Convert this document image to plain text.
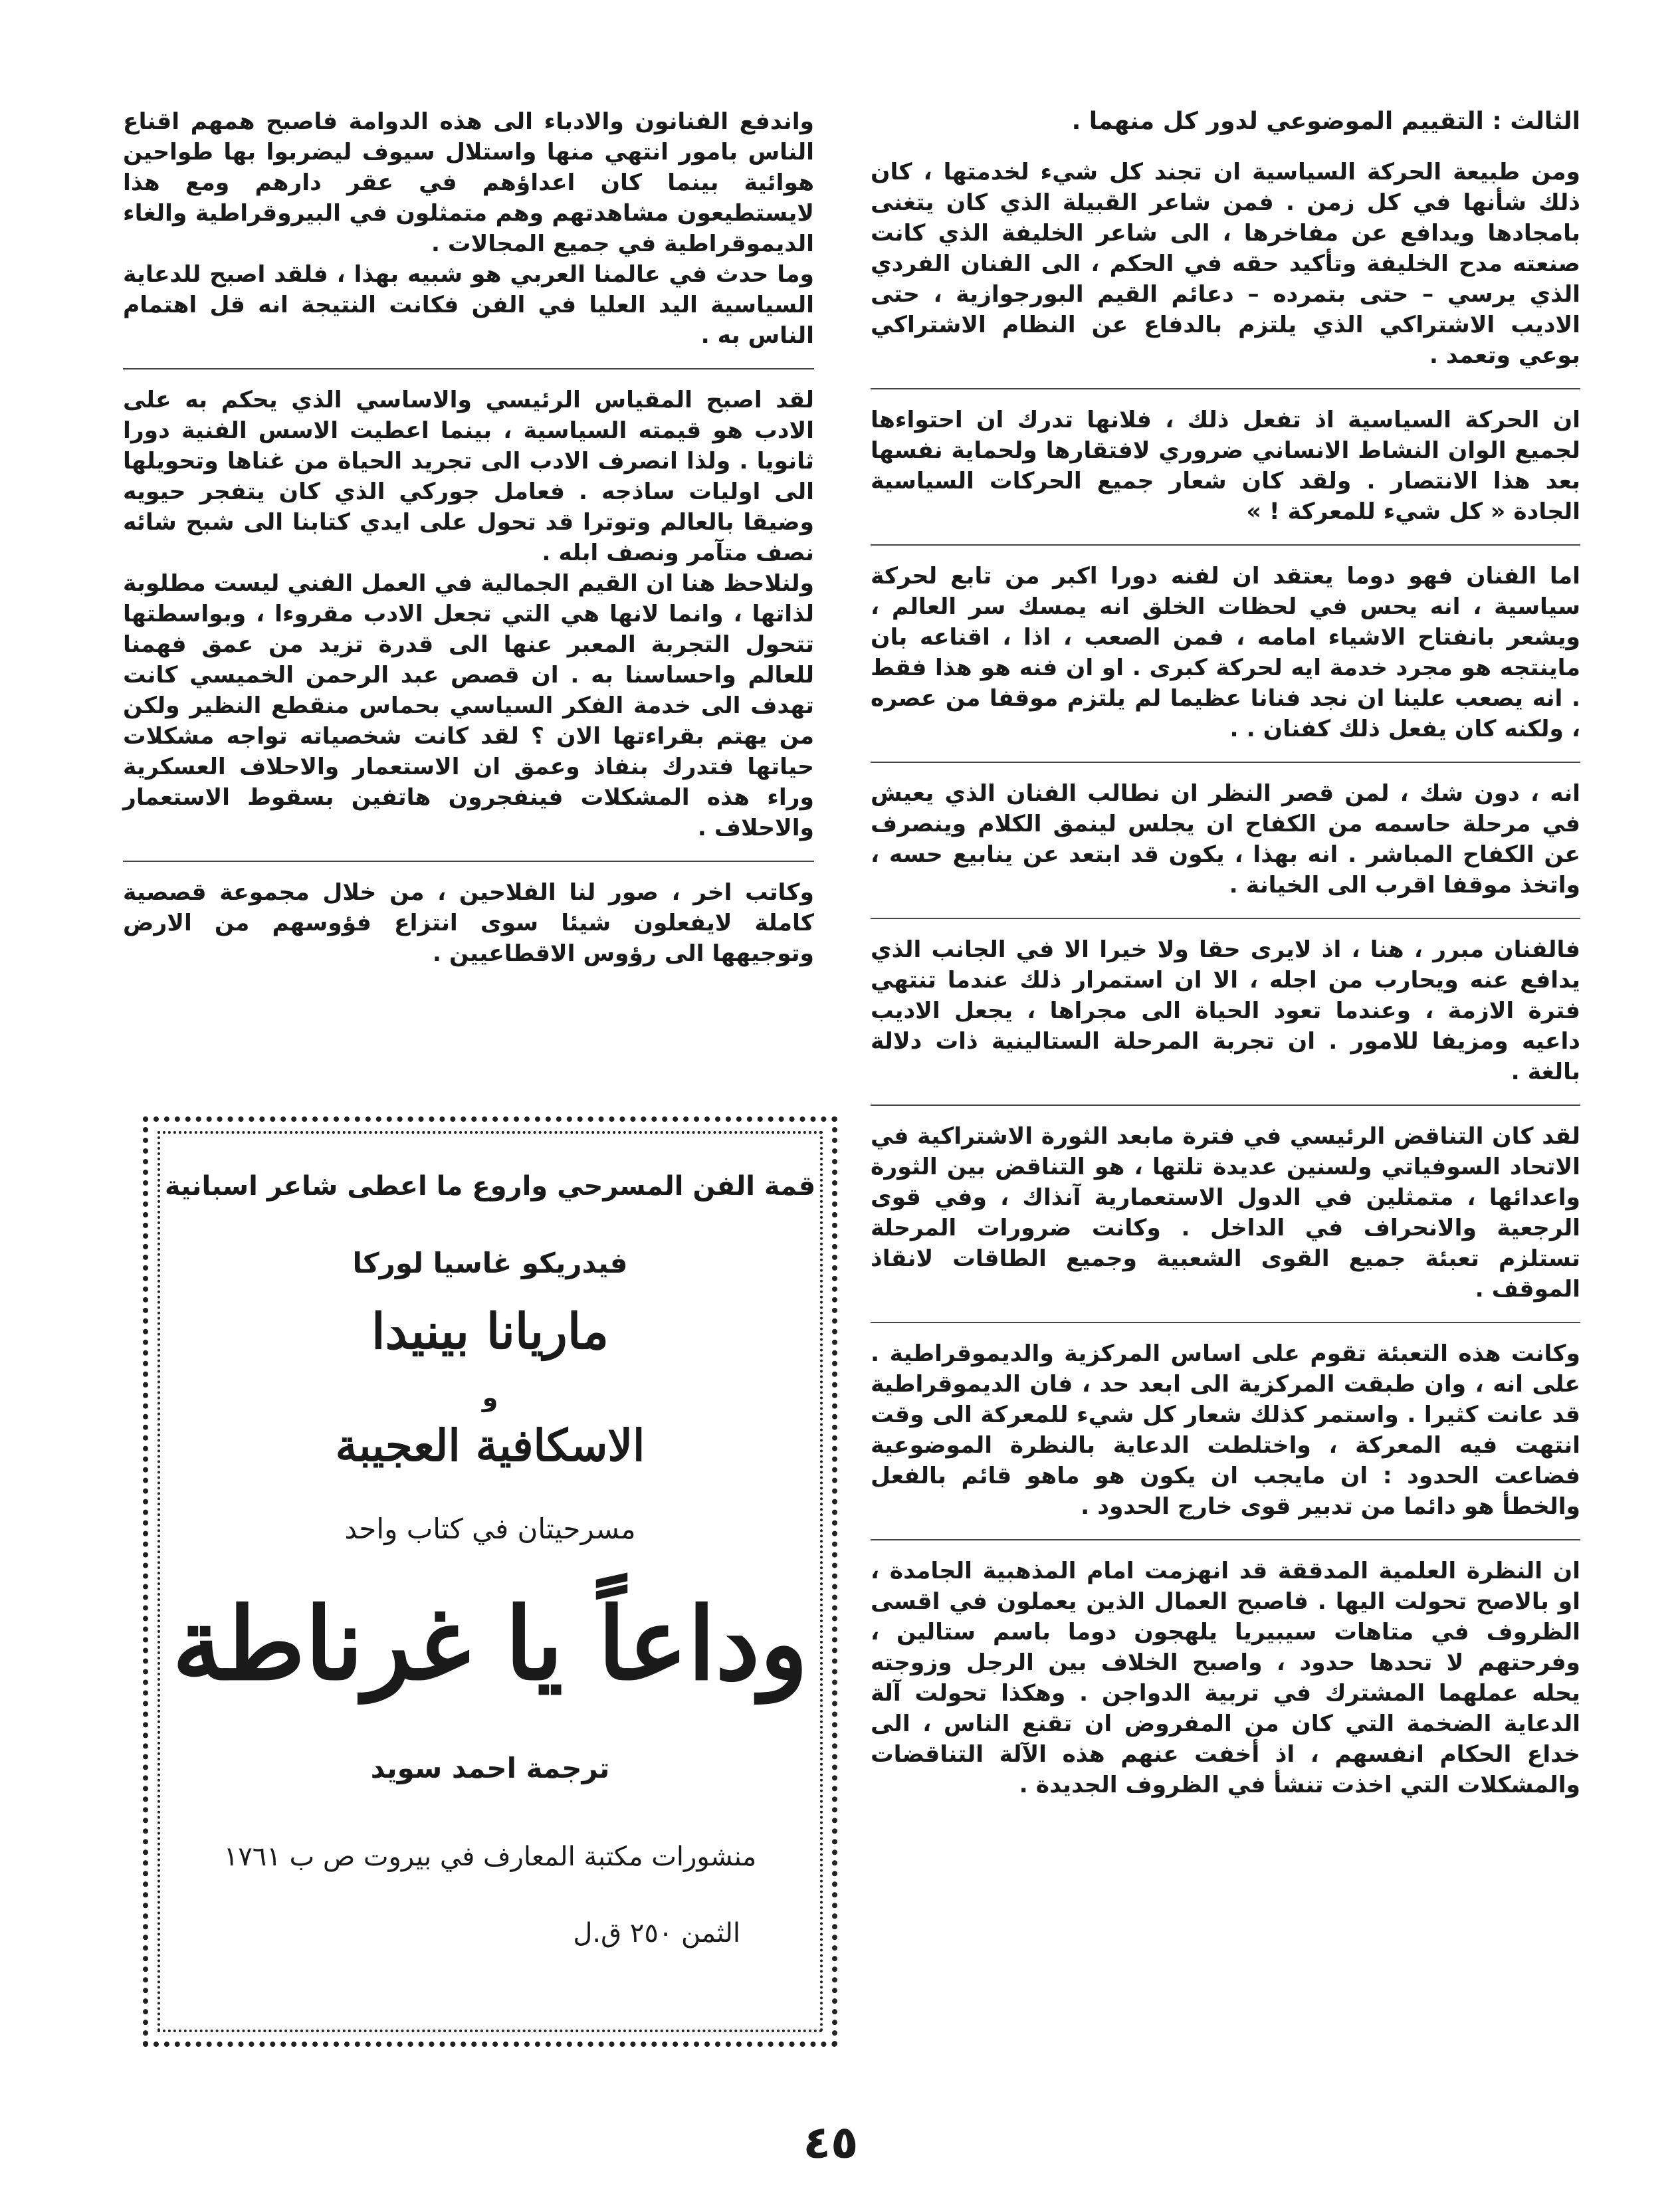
الثالث : التقييم الموضوعي لدور كل منهما .

ومن طبيعة الحركة السياسية ان تجند كل شيء لخدمتها ، كان ذلك شأنها في كل زمن . فمن شاعر القبيلة الذي كان يتغنى بامجادها ويدافع عن مفاخرها ، الى شاعر الخليفة الذي كانت صنعته مدح الخليفة وتأكيد حقه في الحكم ، الى الفنان الفردي الذي يرسي – حتى بتمرده – دعائم القيم البورجوازية ، حتى الاديب الاشتراكي الذي يلتزم بالدفاع عن النظام الاشتراكي بوعي وتعمد .

ان الحركة السياسية اذ تفعل ذلك ، فلانها تدرك ان احتواءها لجميع الوان النشاط الانساني ضروري لافتقارها ولحماية نفسها بعد هذا الانتصار . ولقد كان شعار جميع الحركات السياسية الجادة « كل شيء للمعركة ! »

اما الفنان فهو دوما يعتقد ان لفنه دورا اكبر من تابع لحركة سياسية ، انه يحس في لحظات الخلق انه يمسك سر العالم ، ويشعر بانفتاح الاشياء امامه ، فمن الصعب ، اذا ، اقناعه بان ماينتجه هو مجرد خدمة ايه لحركة كبرى . او ان فنه هو هذا فقط . انه يصعب علينا ان نجد فنانا عظيما لم يلتزم موقفا من عصره ، ولكنه كان يفعل ذلك كفنان . .

انه ، دون شك ، لمن قصر النظر ان نطالب الفنان الذي يعيش في مرحلة حاسمه من الكفاح ان يجلس لينمق الكلام وينصرف عن الكفاح المباشر . انه بهذا ، يكون قد ابتعد عن ينابيع حسه ، واتخذ موقفا اقرب الى الخيانة .

فالفنان مبرر ، هنا ، اذ لايرى حقا ولا خيرا الا في الجانب الذي يدافع عنه ويحارب من اجله ، الا ان استمرار ذلك عندما تنتهي فترة الازمة ، وعندما تعود الحياة الى مجراها ، يجعل الاديب داعيه ومزيفا للامور . ان تجربة المرحلة الستالينية ذات دلالة بالغة .

لقد كان التناقض الرئيسي في فترة مابعد الثورة الاشتراكية في الاتحاد السوفياتي ولسنين عديدة تلتها ، هو التناقض بين الثورة واعدائها ، متمثلين في الدول الاستعمارية آنذاك ، وفي قوى الرجعية والانحراف في الداخل . وكانت ضرورات المرحلة تستلزم تعبئة جميع القوى الشعبية وجميع الطاقات لانقاذ الموقف .

وكانت هذه التعبئة تقوم على اساس المركزية والديموقراطية . على انه ، وان طبقت المركزية الى ابعد حد ، فان الديموقراطية قد عانت كثيرا . واستمر كذلك شعار كل شيء للمعركة الى وقت انتهت فيه المعركة ، واختلطت الدعاية بالنظرة الموضوعية فضاعت الحدود : ان مايجب ان يكون هو ماهو قائم بالفعل والخطأ هو دائما من تدبير قوى خارج الحدود .

ان النظرة العلمية المدققة قد انهزمت امام المذهبية الجامدة ، او بالاصح تحولت اليها . فاصبح العمال الذين يعملون في اقسى الظروف في متاهات سيبيريا يلهجون دوما باسم ستالين ، وفرحتهم لا تحدها حدود ، واصبح الخلاف بين الرجل وزوجته يحله عملهما المشترك في تربية الدواجن . وهكذا تحولت آلة الدعاية الضخمة التي كان من المفروض ان تقنع الناس ، الى خداع الحكام انفسهم ، اذ أخفت عنهم هذه الآلة التناقضات والمشكلات التي اخذت تنشأ في الظروف الجديدة .

واندفع الفنانون والادباء الى هذه الدوامة فاصبح همهم اقناع الناس بامور انتهي منها واستلال سيوف ليضربوا بها طواحين هوائية بينما كان اعداؤهم في عقر دارهم ومع هذا لايستطيعون مشاهدتهم وهم متمثلون في البيروقراطية والغاء الديموقراطية في جميع المجالات .

وما حدث في عالمنا العربي هو شبيه بهذا ، فلقد اصبح للدعاية السياسية اليد العليا في الفن فكانت النتيجة انه قل اهتمام الناس به .

لقد اصبح المقياس الرئيسي والاساسي الذي يحكم به على الادب هو قيمته السياسية ، بينما اعطيت الاسس الفنية دورا ثانويا . ولذا انصرف الادب الى تجريد الحياة من غناها وتحويلها الى اوليات ساذجه . فعامل جوركي الذي كان يتفجر حيويه وضيقا بالعالم وتوترا قد تحول على ايدي كتابنا الى شبح شائه نصف متآمر ونصف ابله .

ولنلاحظ هنا ان القيم الجمالية في العمل الفني ليست مطلوبة لذاتها ، وانما لانها هي التي تجعل الادب مقروءا ، وبواسطتها تتحول التجربة المعبر عنها الى قدرة تزيد من عمق فهمنا للعالم واحساسنا به . ان قصص عبد الرحمن الخميسي كانت تهدف الى خدمة الفكر السياسي بحماس منقطع النظير ولكن من يهتم بقراءتها الان ؟ لقد كانت شخصياته تواجه مشكلات حياتها فتدرك بنفاذ وعمق ان الاستعمار والاحلاف العسكرية وراء هذه المشكلات فينفجرون هاتفين بسقوط الاستعمار والاحلاف .

وكاتب اخر ، صور لنا الفلاحين ، من خلال مجموعة قصصية كاملة لايفعلون شيئا سوى انتزاع فؤوسهم من الارض وتوجيهها الى رؤوس الاقطاعيين .

قمة الفن المسرحي واروع ما اعطى شاعر اسبانية
فيدريكو غاسيا لوركا
ماريانا بينيدا
و
الاسكافية العجيبة
مسرحيتان في كتاب واحد
وداعاً يا غرناطة
ترجمة احمد سويد
منشورات مكتبة المعارف في بيروت ص ب ١٧٦١
الثمن ٢٥٠ ق.ل
٤٥
